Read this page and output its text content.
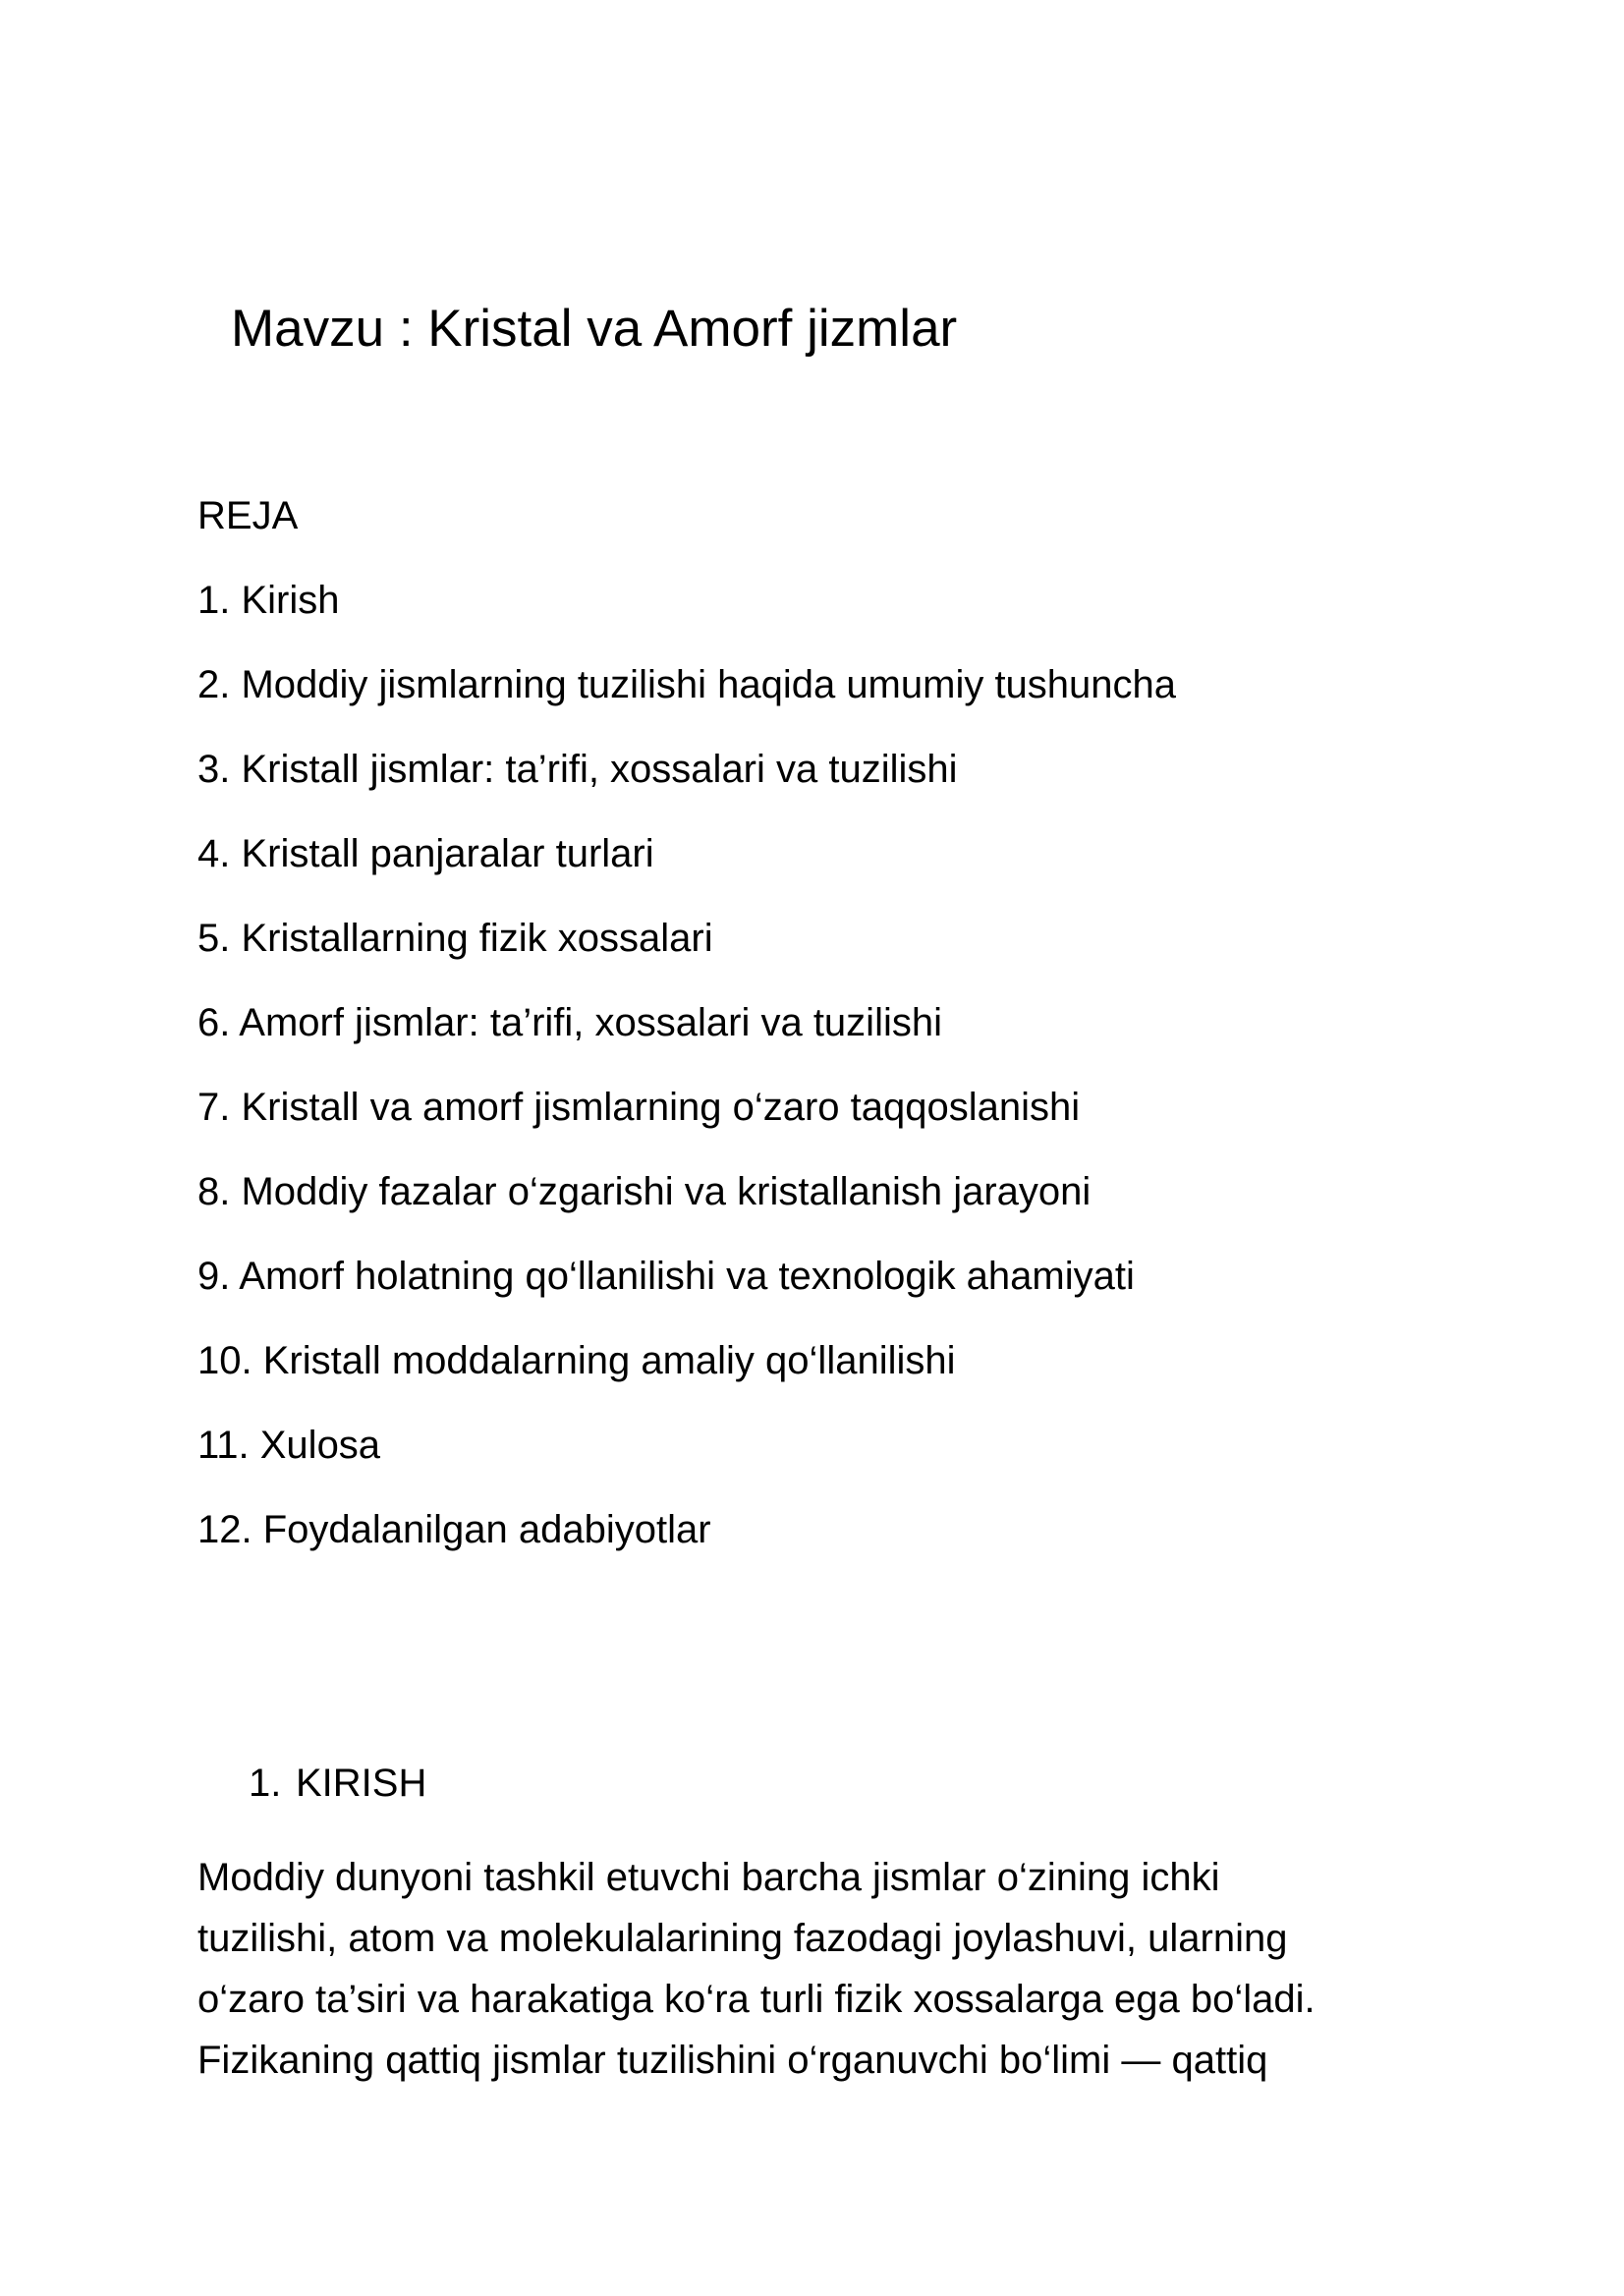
Mavzu : Kristal va Amorf jizmlar
REJA
1. Kirish
2. Moddiy jismlarning tuzilishi haqida umumiy tushuncha
3. Kristall jismlar: ta’rifi, xossalari va tuzilishi
4. Kristall panjaralar turlari
5. Kristallarning fizik xossalari
6. Amorf jismlar: ta’rifi, xossalari va tuzilishi
7. Kristall va amorf jismlarning o‘zaro taqqoslanishi
8. Moddiy fazalar o‘zgarishi va kristallanish jarayoni
9. Amorf holatning qo‘llanilishi va texnologik ahamiyati
10. Kristall moddalarning amaliy qo‘llanilishi
11. Xulosa
12. Foydalanilgan adabiyotlar
1. KIRISH
Moddiy dunyoni tashkil etuvchi barcha jismlar o‘zining ichki
tuzilishi, atom va molekulalarining fazodagi joylashuvi, ularning
o‘zaro ta’siri va harakatiga ko‘ra turli fizik xossalarga ega bo‘ladi.
Fizikaning qattiq jismlar tuzilishini o‘rganuvchi bo‘limi — qattiq
